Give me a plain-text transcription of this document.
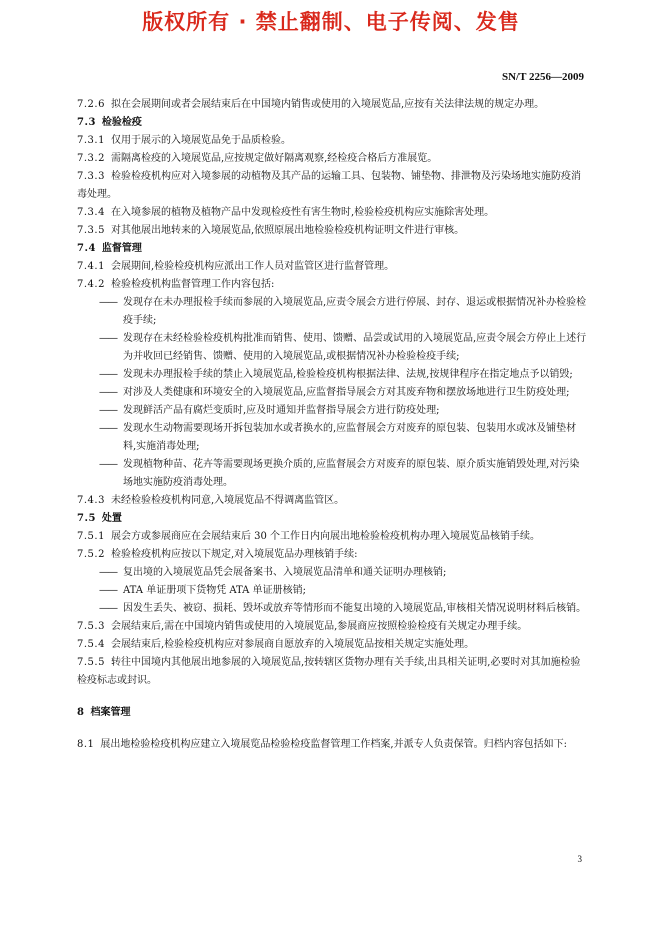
版权所有 · 禁止翻制、电子传阅、发售
SN/T 2256—2009

7.2.6 拟在会展期间或者会展结束后在中国境内销售或使用的入境展览品,应按有关法律法规的规定办理。

7.3 检验检疫

7.3.1 仅用于展示的入境展览品免于品质检验。

7.3.2 需隔离检疫的入境展览品,应按规定做好隔离观察,经检疫合格后方准展览。

7.3.3 检验检疫机构应对入境参展的动植物及其产品的运输工具、包装物、铺垫物、排泄物及污染场地实施防疫消毒处理。

7.3.4 在入境参展的植物及植物产品中发现检疫性有害生物时,检验检疫机构应实施除害处理。

7.3.5 对其他展出地转来的入境展览品,依照原展出地检验检疫机构证明文件进行审核。

7.4 监督管理

7.4.1 会展期间,检验检疫机构应派出工作人员对监管区进行监督管理。

7.4.2 检验检疫机构监督管理工作内容包括:

—— 发现存在未办理报检手续而参展的入境展览品,应责令展会方进行停展、封存、退运或根据情况补办检验检疫手续;
—— 发现存在未经检验检疫机构批准而销售、使用、馈赠、品尝或试用的入境展览品,应责令展会方停止上述行为并收回已经销售、馈赠、使用的入境展览品,或根据情况补办检验检疫手续;
—— 发现未办理报检手续的禁止入境展览品,检验检疫机构根据法律、法规,按规律程序在指定地点予以销毁;
—— 对涉及人类健康和环境安全的入境展览品,应监督指导展会方对其废弃物和摆放场地进行卫生防疫处理;
—— 发现鲜活产品有腐烂变质时,应及时通知并监督指导展会方进行防疫处理;
—— 发现水生动物需要现场开拆包装加水或者换水的,应监督展会方对废弃的原包装、包装用水或冰及铺垫材料,实施消毒处理;
—— 发现植物种苗、花卉等需要现场更换介质的,应监督展会方对废弃的原包装、原介质实施销毁处理,对污染场地实施防疫消毒处理。

7.4.3 未经检验检疫机构同意,入境展览品不得调离监管区。

7.5 处置

7.5.1 展会方或参展商应在会展结束后 30 个工作日内向展出地检验检疫机构办理入境展览品核销手续。

7.5.2 检验检疫机构应按以下规定,对入境展览品办理核销手续:

—— 复出境的入境展览品凭会展备案书、入境展览品清单和通关证明办理核销;
—— ATA 单证册项下货物凭 ATA 单证册核销;
—— 因发生丢失、被窃、损耗、毁坏或放弃等情形而不能复出境的入境展览品,审核相关情况说明材料后核销。

7.5.3 会展结束后,需在中国境内销售或使用的入境展览品,参展商应按照检验检疫有关规定办理手续。

7.5.4 会展结束后,检验检疫机构应对参展商自愿放弃的入境展览品按相关规定实施处理。

7.5.5 转往中国境内其他展出地参展的入境展览品,按转辖区货物办理有关手续,出具相关证明,必要时对其加施检验检疫标志或封识。

8 档案管理

8.1 展出地检验检疫机构应建立入境展览品检验检疫监督管理工作档案,并派专人负责保管。归档内容包括如下:

3
